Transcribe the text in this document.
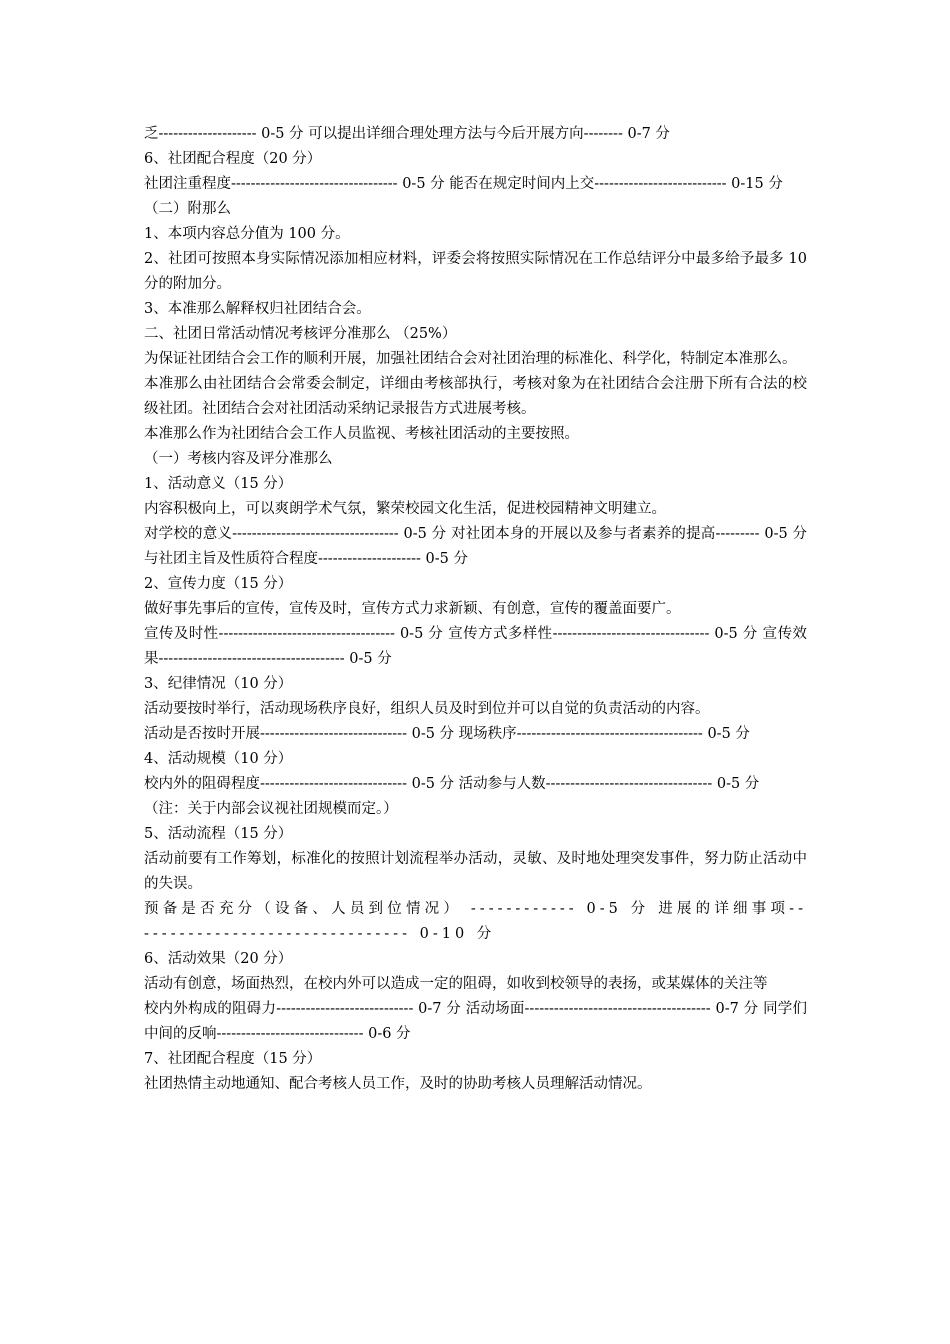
乏-------------------- 0-5 分 可以提出详细合理处理方法与今后开展方向-------- 0-7 分

6、社团配合程度（20 分）

社团注重程度---------------------------------- 0-5 分 能否在规定时间内上交--------------------------- 0-15 分

（二）附那么

1、本项内容总分值为 100 分。

2、社团可按照本身实际情况添加相应材料，评委会将按照实际情况在工作总结评分中最多给予最多 10 分的附加分。

3、本准那么解释权归社团结合会。

二、社团日常活动情况考核评分准那么 （25%）

为保证社团结合会工作的顺利开展，加强社团结合会对社团治理的标准化、科学化，特制定本准那么。

本准那么由社团结合会常委会制定，详细由考核部执行，考核对象为在社团结合会注册下所有合法的校级社团。社团结合会对社团活动采纳记录报告方式进展考核。

本准那么作为社团结合会工作人员监视、考核社团活动的主要按照。

（一）考核内容及评分准那么

1、活动意义（15 分）

内容积极向上，可以爽朗学术气氛，繁荣校园文化生活，促进校园精神文明建立。

对学校的意义---------------------------------- 0-5 分 对社团本身的开展以及参与者素养的提高--------- 0-5 分 与社团主旨及性质符合程度--------------------- 0-5 分

2、宣传力度（15 分）

做好事先事后的宣传，宣传及时，宣传方式力求新颖、有创意，宣传的覆盖面要广。

宣传及时性------------------------------------ 0-5 分 宣传方式多样性-------------------------------- 0-5 分 宣传效果-------------------------------------- 0-5 分

3、纪律情况（10 分）

活动要按时举行，活动现场秩序良好，组织人员及时到位并可以自觉的负责活动的内容。

活动是否按时开展------------------------------ 0-5 分 现场秩序-------------------------------------- 0-5 分

4、活动规模（10 分）

校内外的阻碍程度------------------------------ 0-5 分 活动参与人数---------------------------------- 0-5 分

（注：关于内部会议视社团规模而定。）

5、活动流程（15 分）

活动前要有工作筹划，标准化的按照计划流程举办活动，灵敏、及时地处理突发事件，努力防止活动中的失误。

预备是否充分（设备、人员到位情况） ------------ 0-5 分 进展的详细事项-------------------------------- 0-10 分

6、活动效果（20 分）

活动有创意，场面热烈，在校内外可以造成一定的阻碍，如收到校领导的表扬，或某媒体的关注等

校内外构成的阻碍力---------------------------- 0-7 分 活动场面-------------------------------------- 0-7 分 同学们中间的反响------------------------------ 0-6 分

7、社团配合程度（15 分）

社团热情主动地通知、配合考核人员工作，及时的协助考核人员理解活动情况。
